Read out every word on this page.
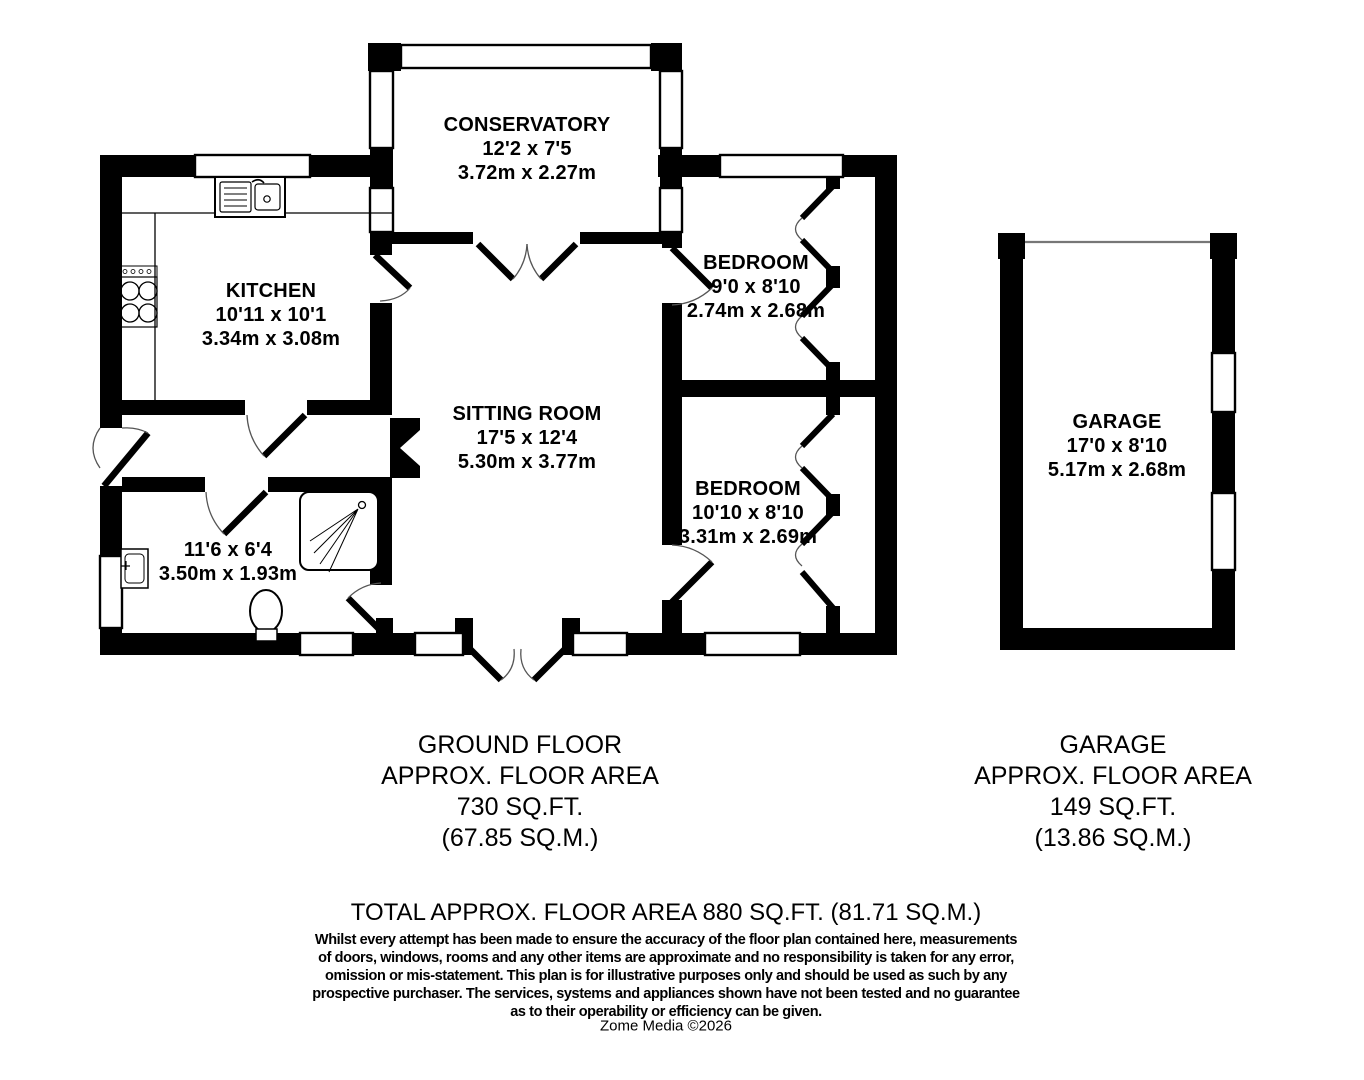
CONSERVATORY
12'2 x 7'5
3.72m x 2.27m
KITCHEN
10'11 x 10'1
3.34m x 3.08m
BEDROOM
9'0 x 8'10
2.74m x 2.68m
SITTING ROOM
17'5 x 12'4
5.30m x 3.77m
BEDROOM
10'10 x 8'10
3.31m x 2.69m
11'6 x 6'4
3.50m x 1.93m
GARAGE
17'0 x 8'10
5.17m x 2.68m
GROUND FLOOR
APPROX. FLOOR AREA
730 SQ.FT.
(67.85 SQ.M.)
GARAGE
APPROX. FLOOR AREA
149 SQ.FT.
(13.86 SQ.M.)
TOTAL APPROX. FLOOR AREA 880 SQ.FT. (81.71 SQ.M.)
Whilst every attempt has been made to ensure the accuracy of the floor plan contained here, measurements
of doors, windows, rooms and any other items are approximate and no responsibility is taken for any error,
omission or mis-statement. This plan is for illustrative purposes only and should be used as such by any
prospective purchaser. The services, systems and appliances shown have not been tested and no guarantee
as to their operability or efficiency can be given.
Zome Media ©2026
